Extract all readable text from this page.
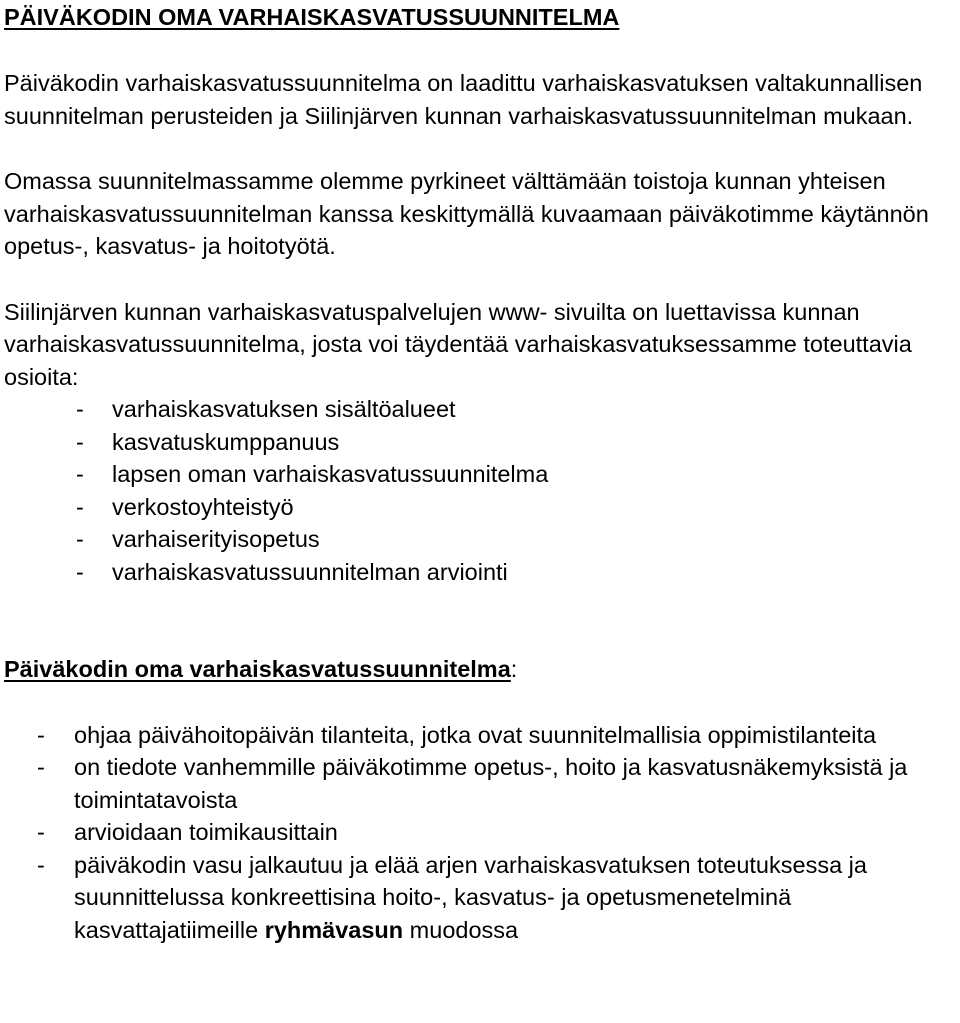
PÄIVÄKODIN OMA VARHAISKASVATUSSUUNNITELMA

Päiväkodin varhaiskasvatussuunnitelma on laadittu varhaiskasvatuksen valtakunnallisen suunnitelman perusteiden ja Siilinjärven kunnan varhaiskasvatussuunnitelman mukaan.

Omassa suunnitelmassamme olemme pyrkineet välttämään toistoja kunnan yhteisen varhaiskasvatussuunnitelman kanssa keskittymällä kuvaamaan päiväkotimme käytännön opetus-, kasvatus- ja hoitotyötä.

Siilinjärven kunnan varhaiskasvatuspalvelujen www- sivuilta on luettavissa kunnan varhaiskasvatussuunnitelma, josta voi täydentää varhaiskasvatuksessamme toteuttavia osioita:

- varhaiskasvatuksen sisältöalueet
- kasvatuskumppanuus
- lapsen oman varhaiskasvatussuunnitelma
- verkostoyhteistyö
- varhaiserityisopetus
- varhaiskasvatussuunnitelman arviointi

Päiväkodin oma varhaiskasvatussuunnitelma:

- ohjaa päivähoitopäivän tilanteita, jotka ovat suunnitelmallisia oppimistilanteita
- on tiedote vanhemmille päiväkotimme opetus-, hoito ja kasvatusnäkemyksistä ja toimintatavoista
- arvioidaan toimikausittain
- päiväkodin vasu jalkautuu ja elää arjen varhaiskasvatuksen toteutuksessa ja suunnittelussa konkreettisina hoito-, kasvatus- ja opetusmenetelminä kasvattajatiimeille ryhmävasun muodossa
